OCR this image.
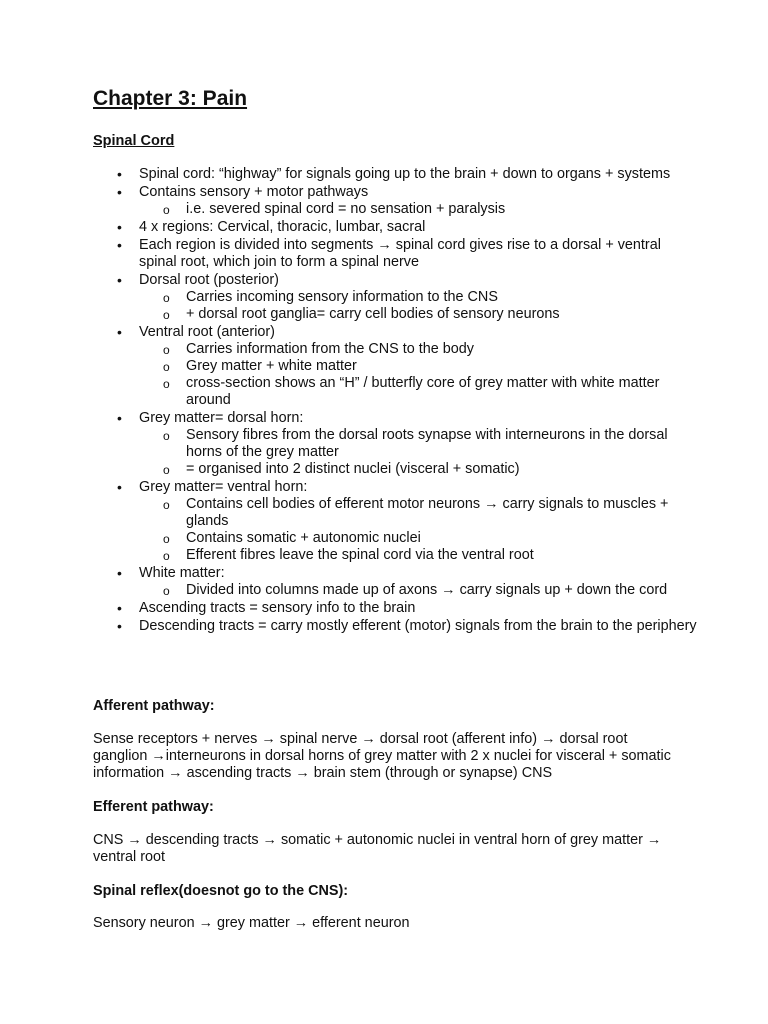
Chapter 3: Pain
Spinal Cord
• Spinal cord: “highway” for signals going up to the brain + down to organs + systems
• Contains sensory + motor pathways
o i.e. severed spinal cord = no sensation + paralysis
• 4 x regions: Cervical, thoracic, lumbar, sacral
• Each region is divided into segments → spinal cord gives rise to a dorsal + ventral spinal root, which join to form a spinal nerve
• Dorsal root (posterior)
o Carries incoming sensory information to the CNS
o + dorsal root ganglia= carry cell bodies of sensory neurons
• Ventral root (anterior)
o Carries information from the CNS to the body
o Grey matter + white matter
o cross-section shows an “H” / butterfly core of grey matter with white matter around
• Grey matter= dorsal horn:
o Sensory fibres from the dorsal roots synapse with interneurons in the dorsal horns of the grey matter
o = organised into 2 distinct nuclei (visceral + somatic)
• Grey matter= ventral horn:
o Contains cell bodies of efferent motor neurons → carry signals to muscles + glands
o Contains somatic + autonomic nuclei
o Efferent fibres leave the spinal cord via the ventral root
• White matter:
o Divided into columns made up of axons → carry signals up + down the cord
• Ascending tracts = sensory info to the brain
• Descending tracts = carry mostly efferent (motor) signals from the brain to the periphery

Afferent pathway:

Sense receptors + nerves → spinal nerve → dorsal root (afferent info) → dorsal root ganglion →interneurons in dorsal horns of grey matter with 2 x nuclei for visceral + somatic information → ascending tracts → brain stem (through or synapse) CNS

Efferent pathway:

CNS → descending tracts → somatic + autonomic nuclei in ventral horn of grey matter → ventral root

Spinal reflex(doesnot go to the CNS):

Sensory neuron → grey matter → efferent neuron
